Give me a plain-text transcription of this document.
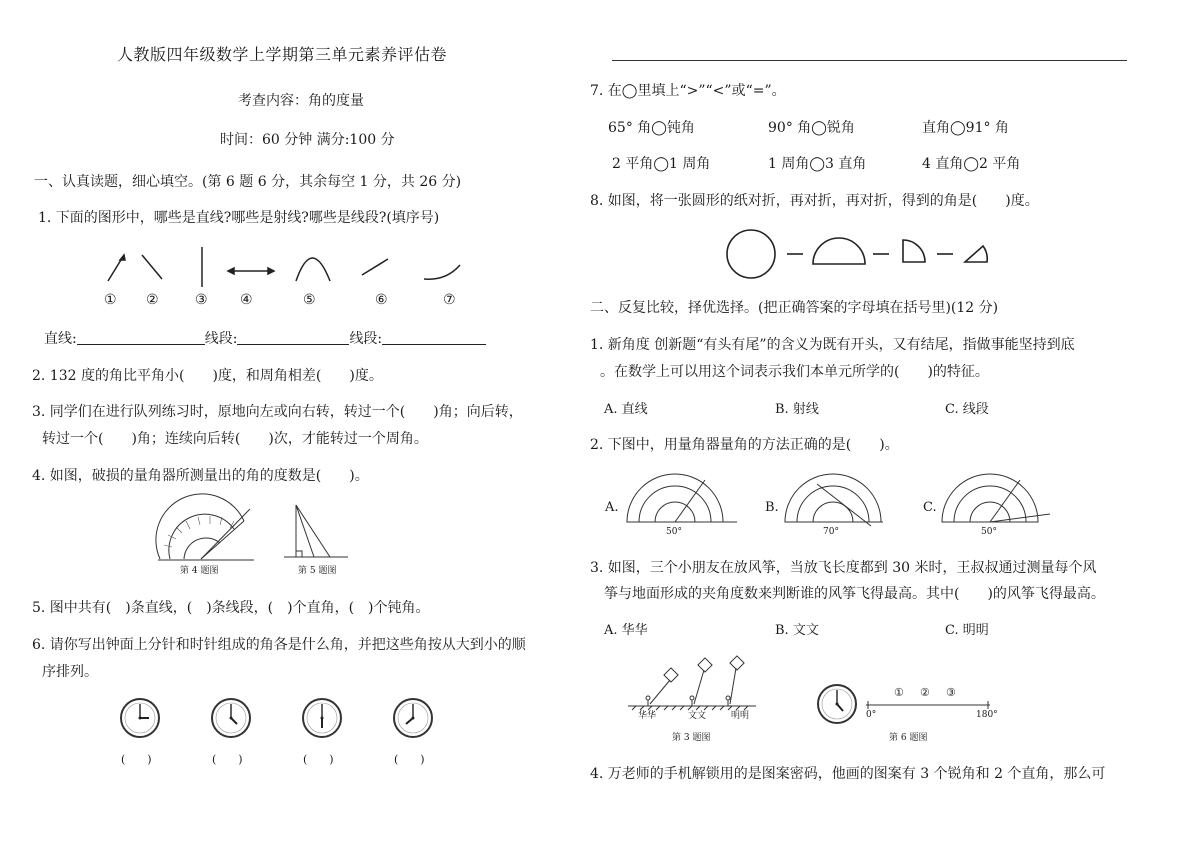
人教版四年级数学上学期第三单元素养评估卷
考查内容：角的度量
时间：60 分钟 满分:100 分
一、认真读题，细心填空。(第 6 题 6 分，其余每空 1 分，共 26 分)
1. 下面的图形中，哪些是直线?哪些是射线?哪些是线段?(填序号)
① ②	③ ④	⑤	⑥	⑦
直线:	线段:	线段:
2. 132 度的角比平角小(　　)度，和周角相差(　　)度。
3. 同学们在进行队列练习时，原地向左或向右转，转过一个(　　)角；向后转，
转过一个(　　)角；连续向后转(　　)次，才能转过一个周角。
4. 如图，破损的量角器所测量出的角的度数是(　　)。
第 4 题图	第 5 题图
5. 图中共有(　)条直线，(　)条线段，(　)个直角，(　)个钝角。
6. 请你写出钟面上分针和时针组成的角各是什么角，并把这些角按从大到小的顺
序排列。
(　　)	(　　)	(　　)	(　　)
7. 在◯里填上“>”“<”或“=”。
65° 角◯钝角	90° 角◯锐角	直角◯91° 角
2 平角◯1 周角	1 周角◯3 直角	4 直角◯2 平角
8. 如图，将一张圆形的纸对折，再对折，再对折，得到的角是(　　)度。
二、反复比较，择优选择。(把正确答案的字母填在括号里)(12 分)
1. 新角度 创新题“有头有尾”的含义为既有开头，又有结尾，指做事能坚持到底
。在数学上可以用这个词表示我们本单元所学的(　　)的特征。
A. 直线	B. 射线	C. 线段
2. 下图中，用量角器量角的方法正确的是(　　)。
A.	B.	C.
50°	70°	50°
3. 如图，三个小朋友在放风筝，当放飞长度都到 30 米时，王叔叔通过测量每个风
筝与地面形成的夹角度数来判断谁的风筝飞得最高。其中(　　)的风筝飞得最高。
A. 华华	B. 文文	C. 明明
华华	文文	明明
① ② ③
0°	180°
第 3 题图	第 6 题图
4. 万老师的手机解锁用的是图案密码，他画的图案有 3 个锐角和 2 个直角，那么可
